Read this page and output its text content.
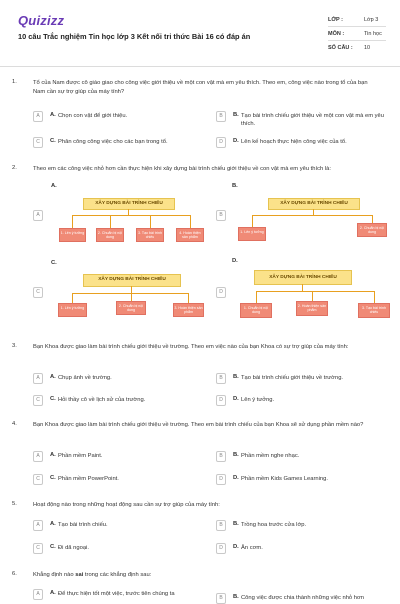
Quizizz
10 câu Trắc nghiệm Tin học lớp 3 Kết nối tri thức Bài 16 có đáp án
LỚP :	Lớp 3
MÔN :	Tin học
SỐ CÂU : 10
1.	Tổ của Nam được cô giáo giao cho công việc giới thiệu về một con vật mà em yêu thích. Theo em, công việc nào trong tổ của bạn Nam cần sự trợ giúp của máy tính?
A	A. Chọn con vật để giới thiệu.	B	B. Tạo bài trình chiếu giới thiệu về một con vật mà em yêu thích.
C	C. Phân công công việc cho các bạn trong tổ.	D	D. Lên kế hoạch thực hiện công việc của tổ.
2.	Theo em các công việc nhỏ hơn cần thực hiện khi xây dựng bài trình chiếu giới thiệu về con vật mà em yêu thích là:
A.
A
XÂY DỰNG BÀI TRÌNH CHIẾU
1. Lên ý tưởng	2. Chuẩn bị nội dung
3. Tạo bài trình chiếu
4. Hoàn thiện sản phẩm
B.
B
XÂY DỰNG BÀI TRÌNH CHIẾU
1. Lên ý tưởng
2. Chuẩn bị nội dung
C.
C
XÂY DỰNG BÀI TRÌNH CHIẾU
1. Lên ý tưởng	2. Chuẩn bị nội dung
3. Hoàn thiện sản phẩm
D.
D
XÂY DỰNG BÀI TRÌNH CHIẾU
1. Chuẩn bị nội dung
2. Hoàn thiện sản phẩm
3. Tạo bài trình chiếu
3.	Bạn Khoa được giao làm bài trình chiếu giới thiệu về trường. Theo em việc nào của bạn Khoa có sự trợ giúp của máy tính:
A	A. Chụp ảnh về trường.	B	B. Tạo bài trình chiếu giới thiệu về trường.
C	C. Hỏi thầy cô về lịch sử của trường.	D	D. Lên ý tưởng.
4.	Bạn Khoa được giao làm bài trình chiếu giới thiệu về trường. Theo em bài trình chiếu của bạn Khoa sẽ sử dụng phần mềm nào?
A	A. Phần mềm Paint.	B	B. Phần mềm nghe nhạc.
C	C. Phần mềm PowerPoint.	D	D. Phần mềm Kids Games Learning.
5.	Hoạt động nào trong những hoạt động sau cần sự trợ giúp của máy tính:
A	A. Tạo bài trình chiếu.	B	B. Trồng hoa trước cửa lớp.
C	C. Đi dã ngoại.	D	D. Ăn cơm.
6.	Khẳng định nào sai trong các khẳng định sau:
A	A. Để thực hiện tốt một việc, trước tiên chúng ta
B	B. Công việc được chia thành những việc nhỏ hơn
